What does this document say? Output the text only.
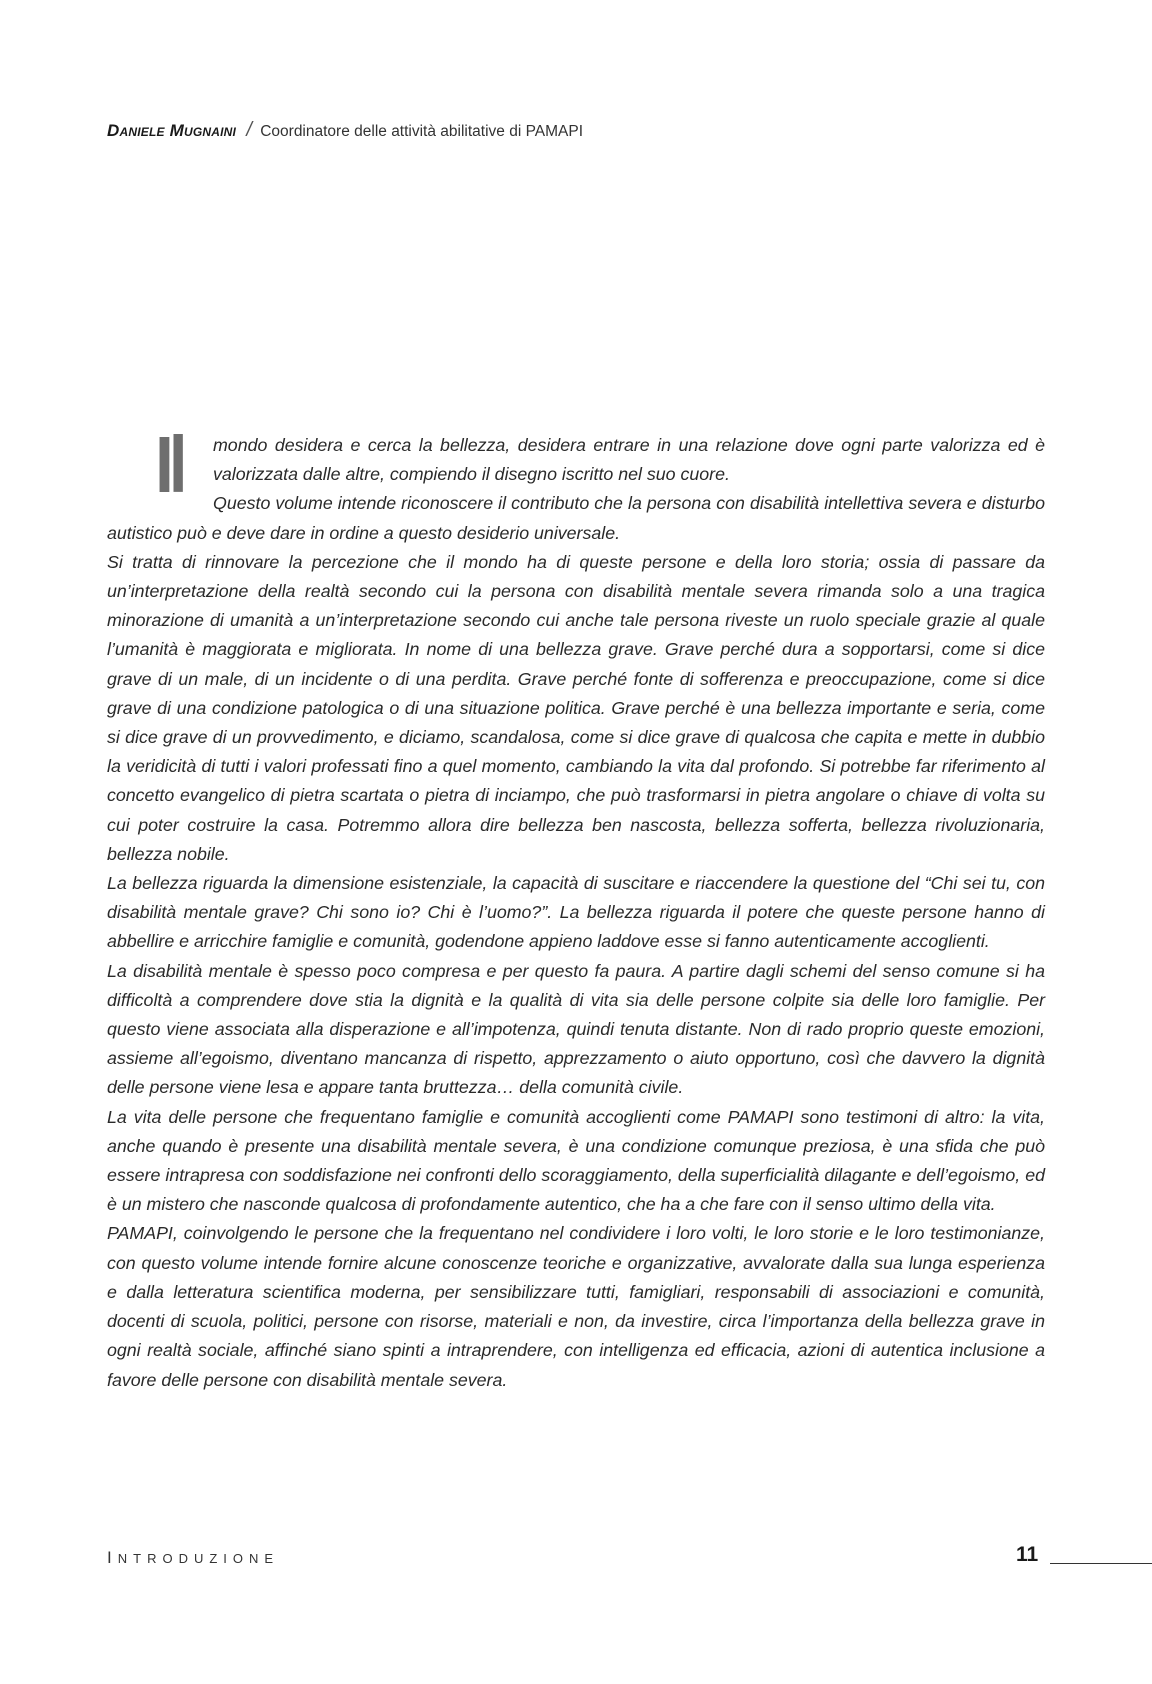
Daniele Mugnaini / Coordinatore delle attività abilitative di PAMAPI

Il	mondo desidera e cerca la bellezza, desidera entrare in una relazione dove ogni parte valorizza ed è valorizzata dalle altre, compiendo il disegno iscritto nel suo cuore.

Questo volume intende riconoscere il contributo che la persona con disabilità intellettiva severa e disturbo autistico può e deve dare in ordine a questo desiderio universale.

Si tratta di rinnovare la percezione che il mondo ha di queste persone e della loro storia; ossia di passare da un’interpretazione della realtà secondo cui la persona con disabilità mentale severa rimanda solo a una tragica minorazione di umanità a un’interpretazione secondo cui anche tale persona riveste un ruolo speciale grazie al quale l’umanità è maggiorata e migliorata. In nome di una bellezza grave. Grave perché dura a sopportarsi, come si dice grave di un male, di un incidente o di una perdita. Grave perché fonte di sofferenza e preoccupazione, come si dice grave di una condizione patologica o di una situazione politica. Grave perché è una bellezza importante e seria, come si dice grave di un provvedimento, e diciamo, scandalosa, come si dice grave di qualcosa che capita e mette in dubbio la veridicità di tutti i valori professati fino a quel momento, cambiando la vita dal profondo. Si potrebbe far riferimento al concetto evangelico di pietra scartata o pietra di inciampo, che può trasformarsi in pietra angolare o chiave di volta su cui poter costruire la casa. Potremmo allora dire bellezza ben nascosta, bellezza sofferta, bellezza rivoluzionaria, bellezza nobile.

La bellezza riguarda la dimensione esistenziale, la capacità di suscitare e riaccendere la questione del “Chi sei tu, con disabilità mentale grave? Chi sono io? Chi è l’uomo?”. La bellezza riguarda il potere che queste persone hanno di abbellire e arricchire famiglie e comunità, godendone appieno laddove esse si fanno autenticamente accoglienti.

La disabilità mentale è spesso poco compresa e per questo fa paura. A partire dagli schemi del senso comune si ha difficoltà a comprendere dove stia la dignità e la qualità di vita sia delle persone colpite sia delle loro famiglie. Per questo viene associata alla disperazione e all’impotenza, quindi tenuta distante. Non di rado proprio queste emozioni, assieme all’egoismo, diventano mancanza di rispetto, apprezzamento o aiuto opportuno, così che davvero la dignità delle persone viene lesa e appare tanta bruttezza… della comunità civile.

La vita delle persone che frequentano famiglie e comunità accoglienti come PAMAPI sono testimoni di altro: la vita, anche quando è presente una disabilità mentale severa, è una condizione comunque preziosa, è una sfida che può essere intrapresa con soddisfazione nei confronti dello scoraggiamento, della superficialità dilagante e dell’egoismo, ed è un mistero che nasconde qualcosa di profondamente autentico, che ha a che fare con il senso ultimo della vita.

PAMAPI, coinvolgendo le persone che la frequentano nel condividere i loro volti, le loro storie e le loro testimonianze, con questo volume intende fornire alcune conoscenze teoriche e organizzative, avvalorate dalla sua lunga esperienza e dalla letteratura scientifica moderna, per sensibilizzare tutti, famigliari, responsabili di associazioni e comunità, docenti di scuola, politici, persone con risorse, materiali e non, da investire, circa l’importanza della bellezza grave in ogni realtà sociale, affinché siano spinti a intraprendere, con intelligenza ed efficacia, azioni di autentica inclusione a favore delle persone con disabilità mentale severa.

INTRODUZIONE	11
